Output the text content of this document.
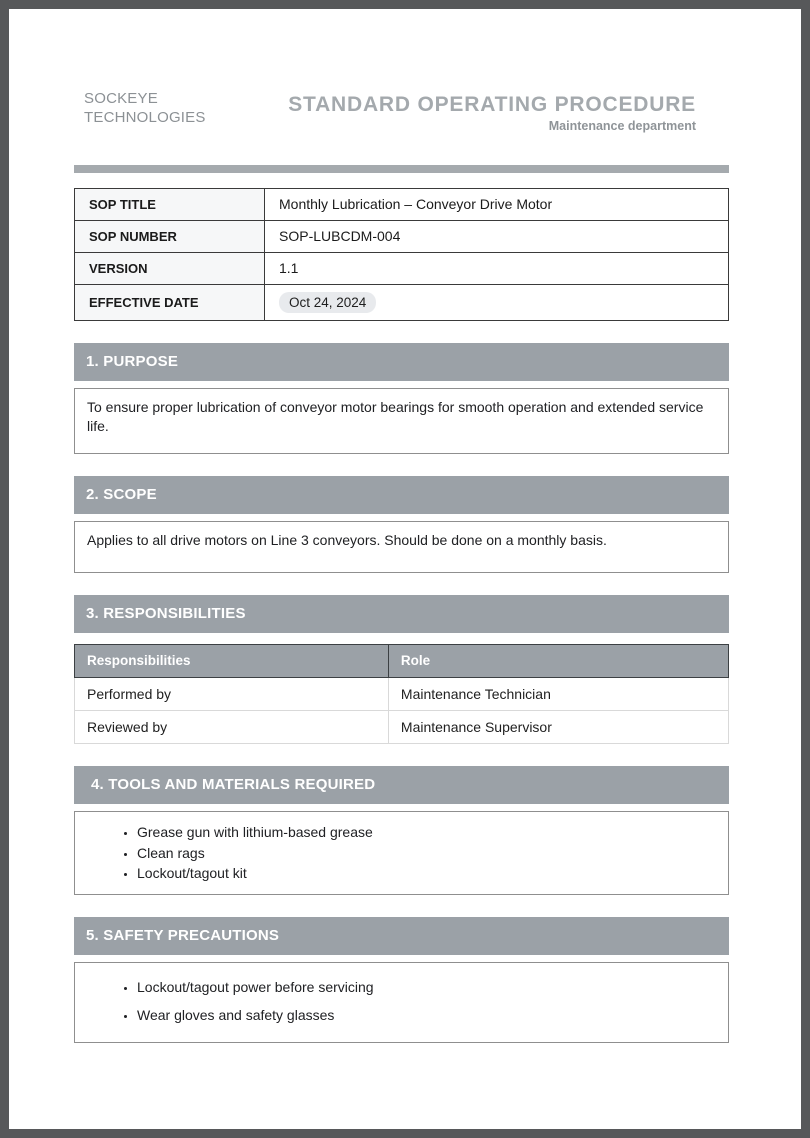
SOCKEYE
TECHNOLOGIES
STANDARD OPERATING PROCEDURE
Maintenance department
SOP TITLE	Monthly Lubrication – Conveyor Drive Motor
SOP NUMBER	SOP-LUBCDM-004
VERSION	1.1
EFFECTIVE DATE	Oct 24, 2024
1. PURPOSE
To ensure proper lubrication of conveyor motor bearings for smooth operation and extended service life.
2. SCOPE
Applies to all drive motors on Line 3 conveyors. Should be done on a monthly basis.
3. RESPONSIBILITIES
Responsibilities	Role
Performed by	Maintenance Technician
Reviewed by	Maintenance Supervisor
4. TOOLS AND MATERIALS REQUIRED
• Grease gun with lithium-based grease
• Clean rags
• Lockout/tagout kit
5. SAFETY PRECAUTIONS
• Lockout/tagout power before servicing
• Wear gloves and safety glasses
